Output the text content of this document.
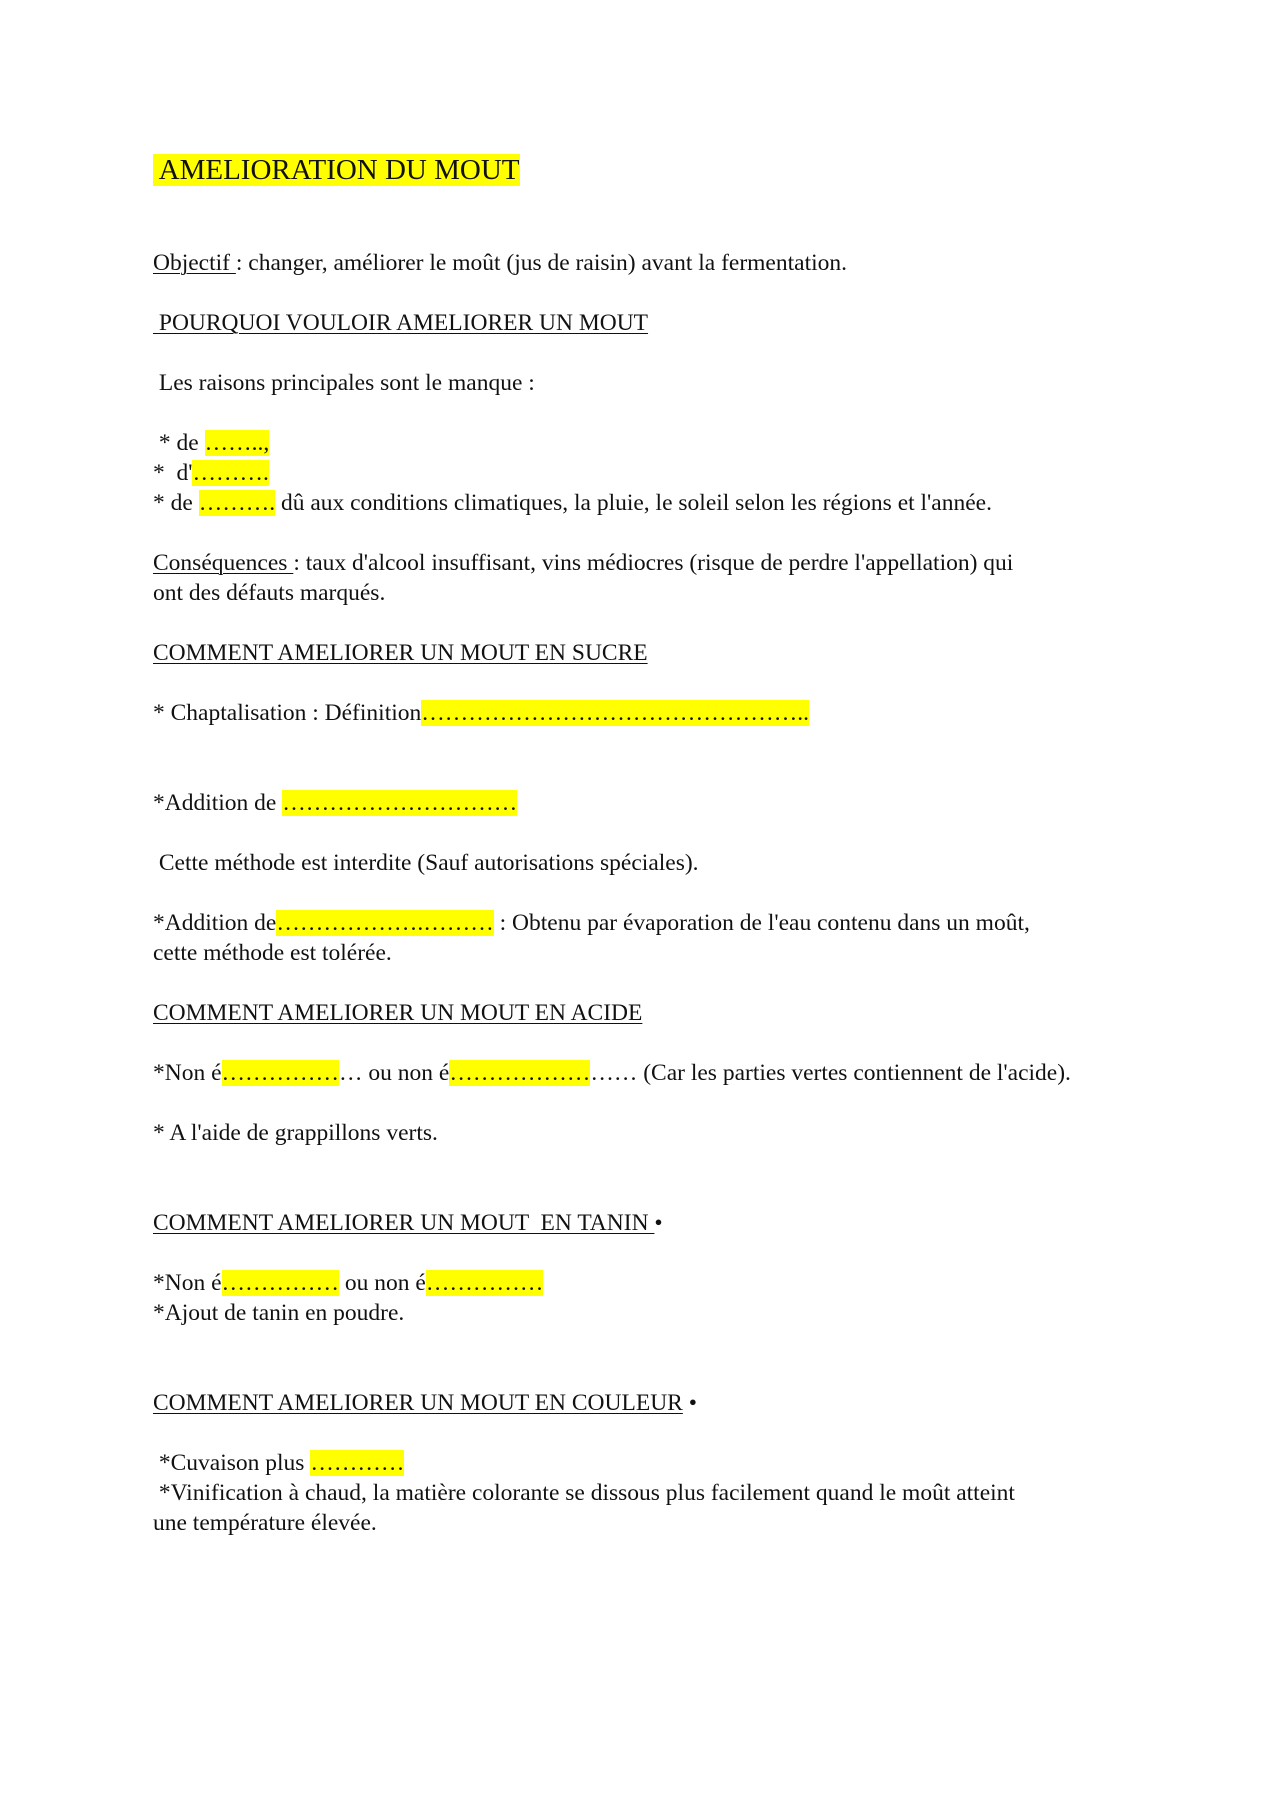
AMELIORATION DU MOUT

Objectif : changer, améliorer le moût (jus de raisin) avant la fermentation.

POURQUOI VOULOIR AMELIORER UN MOUT

Les raisons principales sont le manque :

* de ……..,

*  d'……….

* de ………. dû aux conditions climatiques, la pluie, le soleil selon les régions et l'année.

Conséquences : taux d'alcool insuffisant, vins médiocres (risque de perdre l'appellation) qui

ont des défauts marqués.

COMMENT AMELIORER UN MOUT EN SUCRE

* Chaptalisation : Définition…………………………………………..

*Addition de …………………………

Cette méthode est interdite (Sauf autorisations spéciales).

*Addition de……………….……… : Obtenu par évaporation de l'eau contenu dans un moût,

cette méthode est tolérée.

COMMENT AMELIORER UN MOUT EN ACIDE

*Non é……………… ou non é…………………… (Car les parties vertes contiennent de l'acide).

* A l'aide de grappillons verts.

COMMENT AMELIORER UN MOUT  EN TANIN •

*Non é…………… ou non é……………

*Ajout de tanin en poudre.

COMMENT AMELIORER UN MOUT EN COULEUR •

*Cuvaison plus …………

*Vinification à chaud, la matière colorante se dissous plus facilement quand le moût atteint

une température élevée.
